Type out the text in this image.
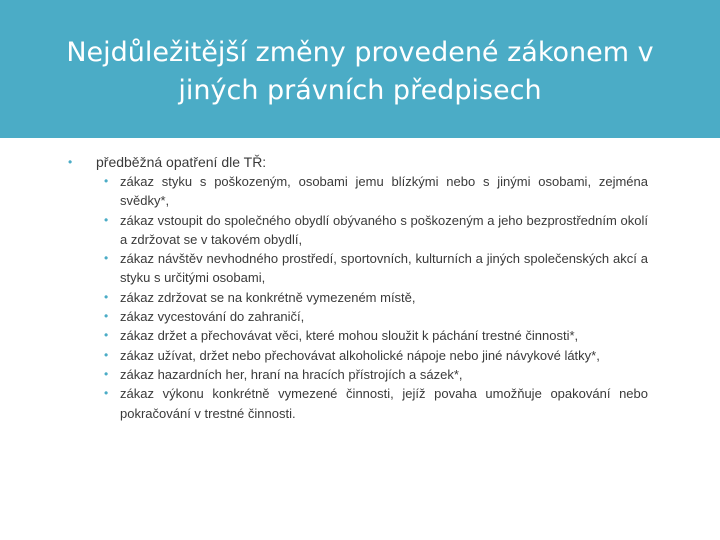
Nejdůležitější změny provedené zákonem v jiných právních předpisech
• předběžná opatření dle TŘ:
• zákaz styku s poškozeným, osobami jemu blízkými nebo s jinými osobami, zejména svědky*,
• zákaz vstoupit do společného obydlí obývaného s poškozeným a jeho bezprostředním okolí a zdržovat se v takovém obydlí,
• zákaz návštěv nevhodného prostředí, sportovních, kulturních a jiných společenských akcí a styku s určitými osobami,
• zákaz zdržovat se na konkrétně vymezeném místě,
• zákaz vycestování do zahraničí,
• zákaz držet a přechovávat věci, které mohou sloužit k páchání trestné činnosti*,
• zákaz užívat, držet nebo přechovávat alkoholické nápoje nebo jiné návykové látky*,
• zákaz hazardních her, hraní na hracích přístrojích a sázek*,
• zákaz výkonu konkrétně vymezené činnosti, jejíž povaha umožňuje opakování nebo pokračování v trestné činnosti.
